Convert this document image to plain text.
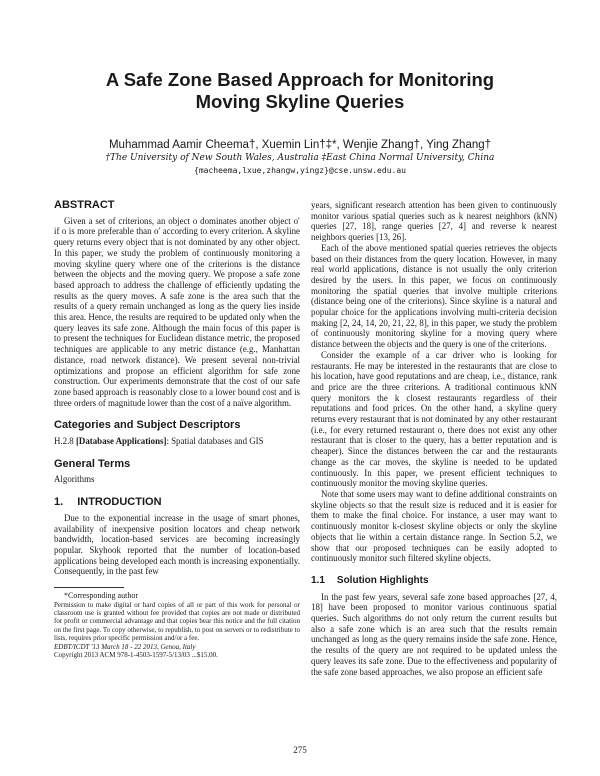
A Safe Zone Based Approach for Monitoring
Moving Skyline Queries
Muhammad Aamir Cheema†, Xuemin Lin†‡*, Wenjie Zhang†, Ying Zhang†
†The University of New South Wales, Australia ‡East China Normal University, China
{macheema,lxue,zhangw,yingz}@cse.unsw.edu.au
ABSTRACT

Given a set of criterions, an object o dominates another object o′ if o is more preferable than o′ according to every criterion. A skyline query returns every object that is not dominated by any other object. In this paper, we study the problem of continuously monitoring a moving skyline query where one of the criterions is the distance between the objects and the moving query. We propose a safe zone based approach to address the challenge of efficiently updating the results as the query moves. A safe zone is the area such that the results of a query remain unchanged as long as the query lies inside this area. Hence, the results are required to be updated only when the query leaves its safe zone. Although the main focus of this paper is to present the techniques for Euclidean distance metric, the proposed techniques are applicable to any metric distance (e.g., Manhattan distance, road network distance). We present several non-trivial optimizations and propose an efficient algorithm for safe zone construction. Our experiments demonstrate that the cost of our safe zone based approach is reasonably close to a lower bound cost and is three orders of magnitude lower than the cost of a naïve algorithm.

Categories and Subject Descriptors

H.2.8 [Database Applications]: Spatial databases and GIS

General Terms

Algorithms

1. INTRODUCTION

Due to the exponential increase in the usage of smart phones, availability of inexpensive position locators and cheap network bandwidth, location-based services are becoming increasingly popular. Skyhook reported that the number of location-based applications being developed each month is increasing exponentially. Consequently, in the past few

*Corresponding author

Permission to make digital or hard copies of all or part of this work for personal or classroom use is granted without fee provided that copies are not made or distributed for profit or commercial advantage and that copies bear this notice and the full citation on the first page. To copy otherwise, to republish, to post on servers or to redistribute to lists, requires prior specific permission and/or a fee.

EDBT/ICDT '13 March 18 - 22 2013, Genoa, Italy

Copyright 2013 ACM 978-1-4503-1597-5/13/03 ...$15.00.

years, significant research attention has been given to continuously monitor various spatial queries such as k nearest neighbors (kNN) queries [27, 18], range queries [27, 4] and reverse k nearest neighbors queries [13, 26].

Each of the above mentioned spatial queries retrieves the objects based on their distances from the query location. However, in many real world applications, distance is not usually the only criterion desired by the users. In this paper, we focus on continuously monitoring the spatial queries that involve multiple criterions (distance being one of the criterions). Since skyline is a natural and popular choice for the applications involving multi-criteria decision making [2, 24, 14, 20, 21, 22, 8], in this paper, we study the problem of continuously monitoring skyline for a moving query where distance between the objects and the query is one of the criterions.

Consider the example of a car driver who is looking for restaurants. He may be interested in the restaurants that are close to his location, have good reputations and are cheap, i.e., distance, rank and price are the three criterions. A traditional continuous kNN query monitors the k closest restaurants regardless of their reputations and food prices. On the other hand, a skyline query returns every restaurant that is not dominated by any other restaurant (i.e., for every returned restaurant o, there does not exist any other restaurant that is closer to the query, has a better reputation and is cheaper). Since the distances between the car and the restaurants change as the car moves, the skyline is needed to be updated continuously. In this paper, we present efficient techniques to continuously monitor the moving skyline queries.

Note that some users may want to define additional constraints on skyline objects so that the result size is reduced and it is easier for them to make the final choice. For instance, a user may want to continuously monitor k-closest skyline objects or only the skyline objects that lie within a certain distance range. In Section 5.2, we show that our proposed techniques can be easily adopted to continuously monitor such filtered skyline objects.

1.1 Solution Highlights

In the past few years, several safe zone based approaches [27, 4, 18] have been proposed to monitor various continuous spatial queries. Such algorithms do not only return the current results but also a safe zone which is an area such that the results remain unchanged as long as the query remains inside the safe zone. Hence, the results of the query are not required to be updated unless the query leaves its safe zone. Due to the effectiveness and popularity of the safe zone based approaches, we also propose an efficient safe

275
